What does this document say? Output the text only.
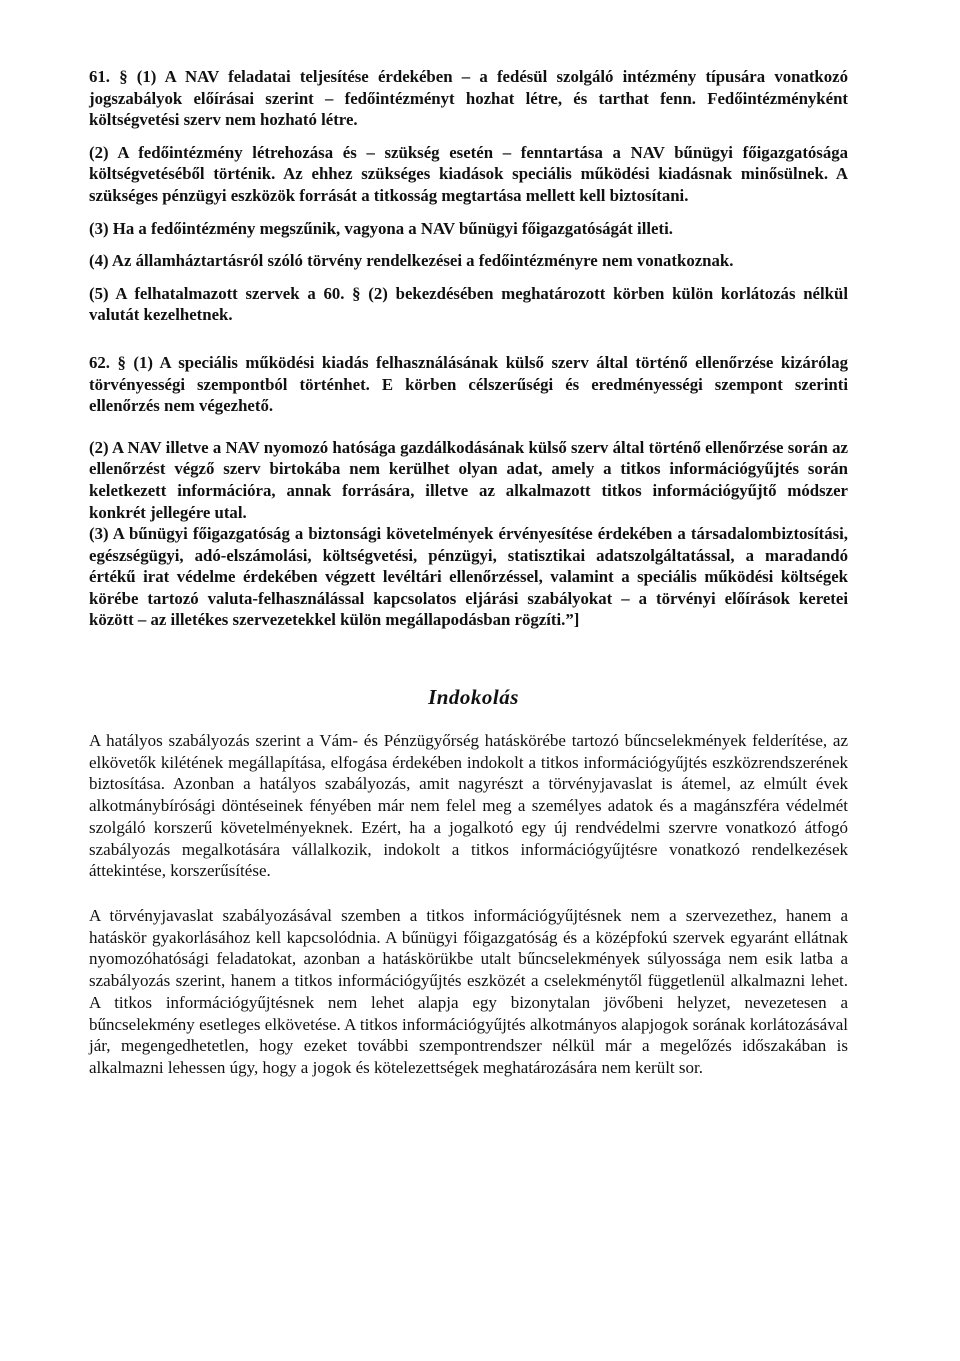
61. § (1) A NAV feladatai teljesítése érdekében – a fedésül szolgáló intézmény típusára vonatkozó jogszabályok előírásai szerint – fedőintézményt hozhat létre, és tarthat fenn. Fedőintézményként költségvetési szerv nem hozható létre.

(2) A fedőintézmény létrehozása és – szükség esetén – fenntartása a NAV bűnügyi főigazgatósága költségvetéséből történik. Az ehhez szükséges kiadások speciális működési kiadásnak minősülnek. A szükséges pénzügyi eszközök forrását a titkosság megtartása mellett kell biztosítani.

(3) Ha a fedőintézmény megszűnik, vagyona a NAV bűnügyi főigazgatóságát illeti.

(4) Az államháztartásról szóló törvény rendelkezései a fedőintézményre nem vonatkoznak.

(5) A felhatalmazott szervek a 60. § (2) bekezdésében meghatározott körben külön korlátozás nélkül valutát kezelhetnek.

62. § (1) A speciális működési kiadás felhasználásának külső szerv által történő ellenőrzése kizárólag törvényességi szempontból történhet. E körben célszerűségi és eredményességi szempont szerinti ellenőrzés nem végezhető.

(2) A NAV illetve a NAV nyomozó hatósága gazdálkodásának külső szerv által történő ellenőrzése során az ellenőrzést végző szerv birtokába nem kerülhet olyan adat, amely a titkos információgyűjtés során keletkezett információra, annak forrására, illetve az alkalmazott titkos információgyűjtő módszer konkrét jellegére utal.

(3) A bűnügyi főigazgatóság a biztonsági követelmények érvényesítése érdekében a társadalombiztosítási, egészségügyi, adó-elszámolási, költségvetési, pénzügyi, statisztikai adatszolgáltatással, a maradandó értékű irat védelme érdekében végzett levéltári ellenőrzéssel, valamint a speciális működési költségek körébe tartozó valuta-felhasználással kapcsolatos eljárási szabályokat – a törvényi előírások keretei között – az illetékes szervezetekkel külön megállapodásban rögzíti.”]

Indokolás

A hatályos szabályozás szerint a Vám- és Pénzügyőrség hatáskörébe tartozó bűncselekmények felderítése, az elkövetők kilétének megállapítása, elfogása érdekében indokolt a titkos információgyűjtés eszközrendszerének biztosítása. Azonban a hatályos szabályozás, amit nagyrészt a törvényjavaslat is átemel, az elmúlt évek alkotmánybírósági döntéseinek fényében már nem felel meg a személyes adatok és a magánszféra védelmét szolgáló korszerű követelményeknek. Ezért, ha a jogalkotó egy új rendvédelmi szervre vonatkozó átfogó szabályozás megalkotására vállalkozik, indokolt a titkos információgyűjtésre vonatkozó rendelkezések áttekintése, korszerűsítése.

A törvényjavaslat szabályozásával szemben a titkos információgyűjtésnek nem a szervezethez, hanem a hatáskör gyakorlásához kell kapcsolódnia. A bűnügyi főigazgatóság és a középfokú szervek egyaránt ellátnak nyomozóhatósági feladatokat, azonban a hatáskörükbe utalt bűncselekmények súlyossága nem esik latba a szabályozás szerint, hanem a titkos információgyűjtés eszközét a cselekménytől függetlenül alkalmazni lehet. A titkos információgyűjtésnek nem lehet alapja egy bizonytalan jövőbeni helyzet, nevezetesen a bűncselekmény esetleges elkövetése. A titkos információgyűjtés alkotmányos alapjogok sorának korlátozásával jár, megengedhetetlen, hogy ezeket további szempontrendszer nélkül már a megelőzés időszakában is alkalmazni lehessen úgy, hogy a jogok és kötelezettségek meghatározására nem került sor.
